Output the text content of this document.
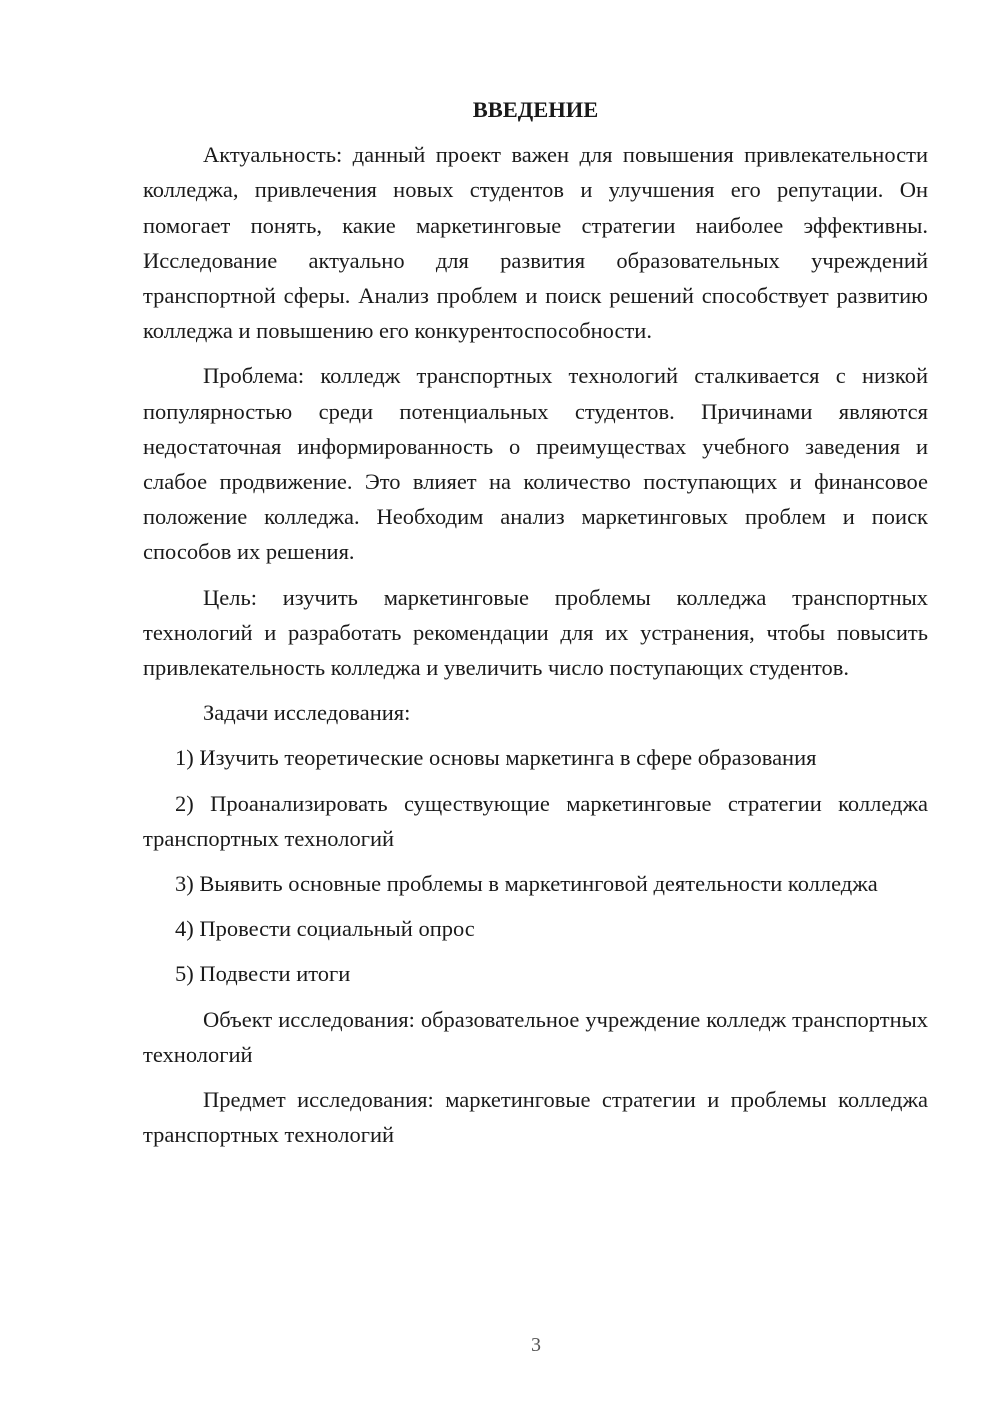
ВВЕДЕНИЕ

Актуальность: данный проект важен для повышения привлекательности колледжа, привлечения новых студентов и улучшения его репутации. Он помогает понять, какие маркетинговые стратегии наиболее эффективны. Исследование актуально для развития образовательных учреждений транспортной сферы. Анализ проблем и поиск решений способствует развитию колледжа и повышению его конкурентоспособности.

Проблема: колледж транспортных технологий сталкивается с низкой популярностью среди потенциальных студентов. Причинами являются недостаточная информированность о преимуществах учебного заведения и слабое продвижение. Это влияет на количество поступающих и финансовое положение колледжа. Необходим анализ маркетинговых проблем и поиск способов их решения.

Цель: изучить маркетинговые проблемы колледжа транспортных технологий и разработать рекомендации для их устранения, чтобы повысить привлекательность колледжа и увеличить число поступающих студентов.

Задачи исследования:

1) Изучить теоретические основы маркетинга в сфере образования

2) Проанализировать существующие маркетинговые стратегии колледжа транспортных технологий

3) Выявить основные проблемы в маркетинговой деятельности колледжа

4) Провести социальный опрос

5) Подвести итоги

Объект исследования: образовательное учреждение колледж транспортных технологий

Предмет исследования: маркетинговые стратегии и проблемы колледжа транспортных технологий

3
